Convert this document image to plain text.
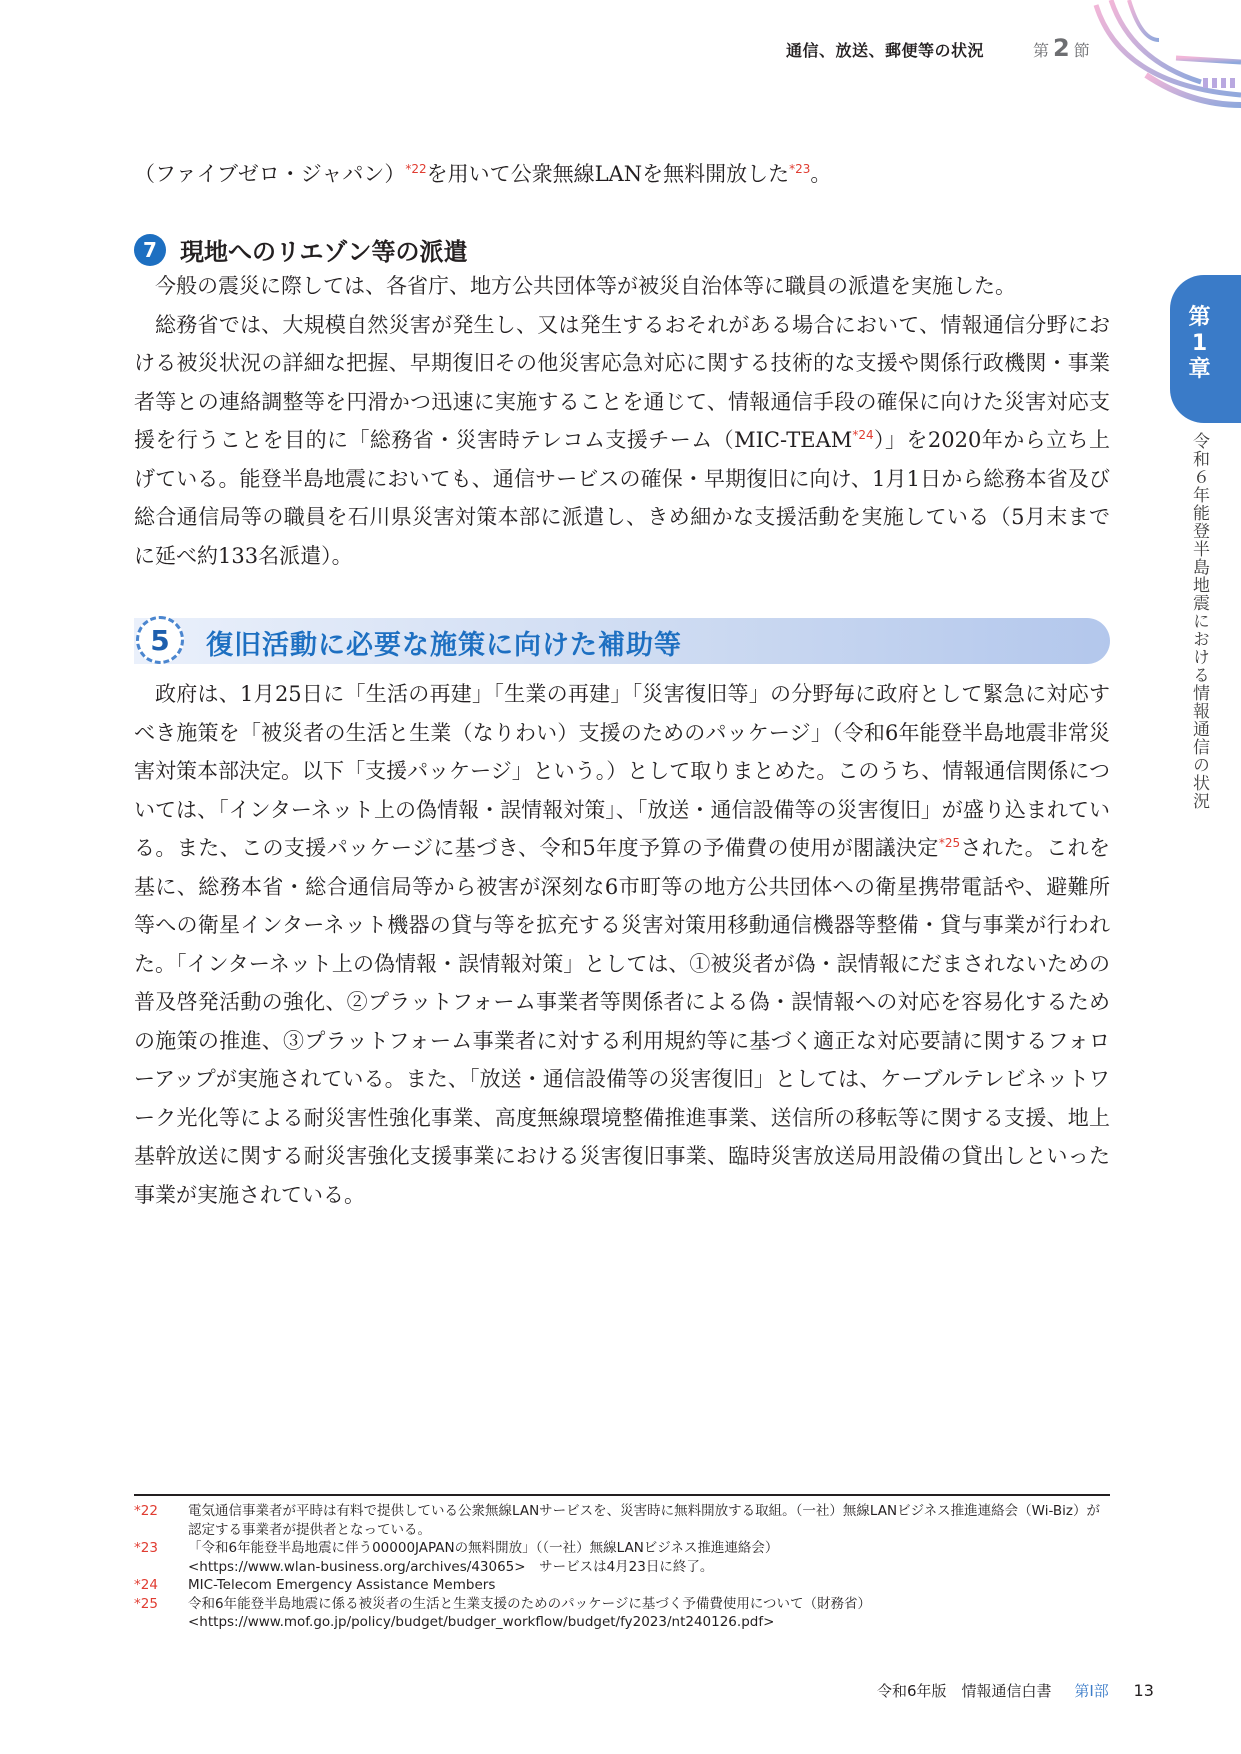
通信、放送、郵便等の状況	第 2 節
第
1
章
令和６年能登半島地震における情報通信の状況
（ファイブゼロ・ジャパン）$^{*22}$を用いて公衆無線LANを無料開放した$^{*23}$。
7 現地へのリエゾン等の派遣

今般の震災に際しては、各省庁、地方公共団体等が被災自治体等に職員の派遣を実施した。

総務省では、大規模自然災害が発生し、又は発生するおそれがある場合において、情報通信分野における被災状況の詳細な把握、早期復旧その他災害応急対応に関する技術的な支援や関係行政機関・事業者等との連絡調整等を円滑かつ迅速に実施することを通じて、情報通信手段の確保に向けた災害対応支援を行うことを目的に「総務省・災害時テレコム支援チーム（MIC-TEAM$^{*24}$）」を2020年から立ち上げている。能登半島地震においても、通信サービスの確保・早期復旧に向け、1月1日から総務本省及び総合通信局等の職員を石川県災害対策本部に派遣し、きめ細かな支援活動を実施している（5月末までに延べ約133名派遣）。

5	復旧活動に必要な施策に向けた補助等

政府は、1月25日に「生活の再建」「生業の再建」「災害復旧等」の分野毎に政府として緊急に対応すべき施策を「被災者の生活と生業（なりわい）支援のためのパッケージ」（令和6年能登半島地震非常災害対策本部決定。以下「支援パッケージ」という。）として取りまとめた。このうち、情報通信関係については、「インターネット上の偽情報・誤情報対策」、「放送・通信設備等の災害復旧」が盛り込まれている。また、この支援パッケージに基づき、令和5年度予算の予備費の使用が閣議決定$^{*25}$された。これを基に、総務本省・総合通信局等から被害が深刻な6市町等の地方公共団体への衛星携帯電話や、避難所等への衛星インターネット機器の貸与等を拡充する災害対策用移動通信機器等整備・貸与事業が行われた。「インターネット上の偽情報・誤情報対策」としては、①被災者が偽・誤情報にだまされないための普及啓発活動の強化、②プラットフォーム事業者等関係者による偽・誤情報への対応を容易化するための施策の推進、③プラットフォーム事業者に対する利用規約等に基づく適正な対応要請に関するフォローアップが実施されている。また、「放送・通信設備等の災害復旧」としては、ケーブルテレビネットワーク光化等による耐災害性強化事業、高度無線環境整備推進事業、送信所の移転等に関する支援、地上基幹放送に関する耐災害強化支援事業における災害復旧事業、臨時災害放送局用設備の貸出しといった事業が実施されている。

*22	電気通信事業者が平時は有料で提供している公衆無線LANサービスを、災害時に無料開放する取組。（一社）無線LANビジネス推進連絡会（Wi-Biz）が認定する事業者が提供者となっている。
*23	「令和6年能登半島地震に伴う00000JAPANの無料開放」（（一社）無線LANビジネス推進連絡会）
<https://www.wlan-business.org/archives/43065>　サービスは4月23日に終了。
*24	MIC-Telecom Emergency Assistance Members
*25	令和6年能登半島地震に係る被災者の生活と生業支援のためのパッケージに基づく予備費使用について（財務省）
<https://www.mof.go.jp/policy/budget/budger_workflow/budget/fy2023/nt240126.pdf>
令和6年版　情報通信白書 第Ⅰ部 13
